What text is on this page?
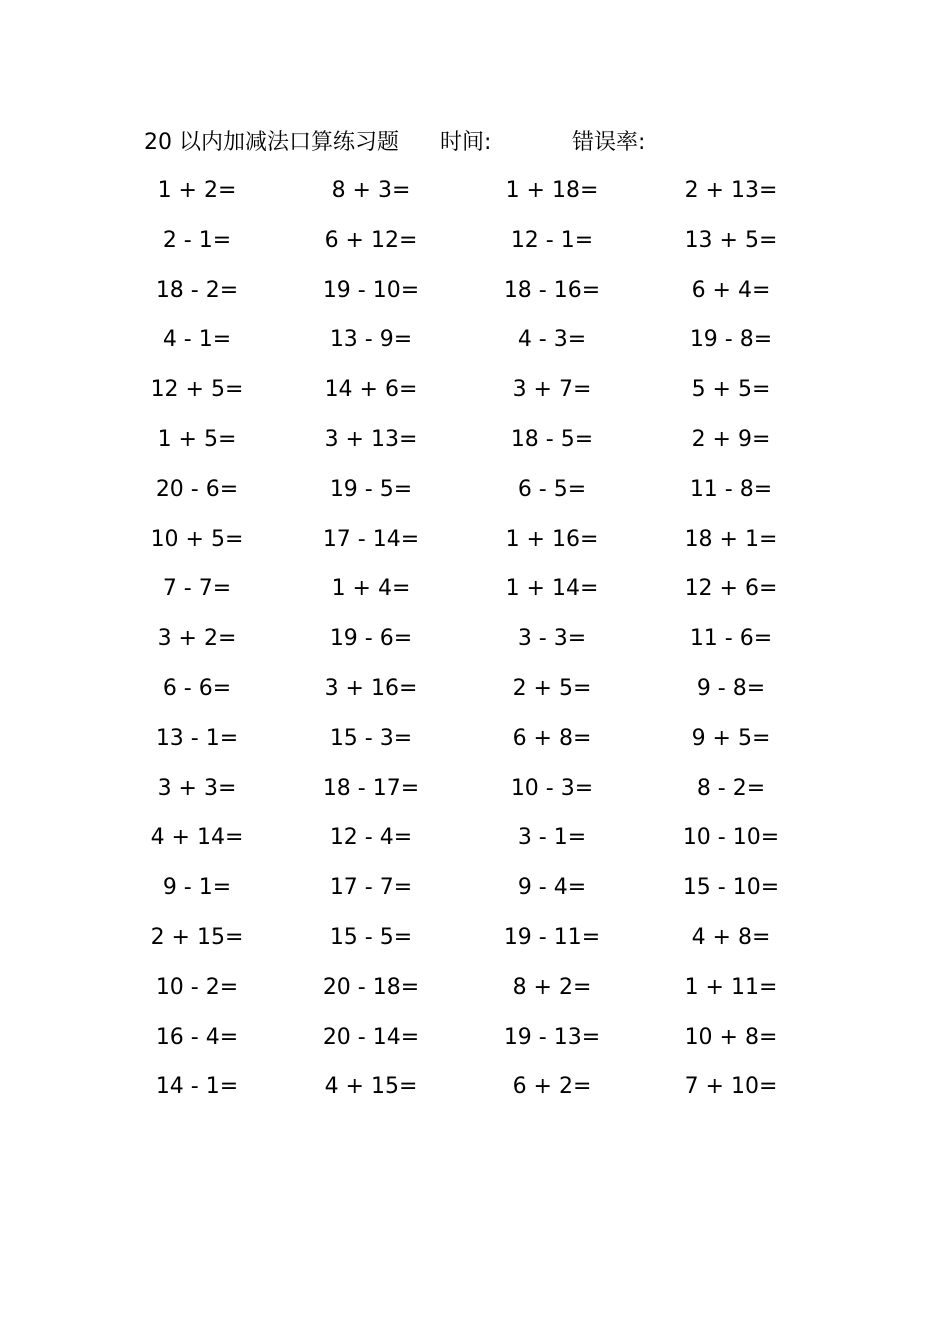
20 以内加减法口算练习题 时间:	错误率:
1 + 2=	8 + 3=	1 + 18=	2 + 13=
2 - 1=	6 + 12=	12 - 1=	13 + 5=
18 - 2=	19 - 10=	18 - 16=	6 + 4=
4 - 1=	13 - 9=	4 - 3=	19 - 8=
12 + 5=	14 + 6=	3 + 7=	5 + 5=
1 + 5=	3 + 13=	18 - 5=	2 + 9=
20 - 6=	19 - 5=	6 - 5=	11 - 8=
10 + 5=	17 - 14=	1 + 16=	18 + 1=
7 - 7=	1 + 4=	1 + 14=	12 + 6=
3 + 2=	19 - 6=	3 - 3=	11 - 6=
6 - 6=	3 + 16=	2 + 5=	9 - 8=
13 - 1=	15 - 3=	6 + 8=	9 + 5=
3 + 3=	18 - 17=	10 - 3=	8 - 2=
4 + 14=	12 - 4=	3 - 1=	10 - 10=
9 - 1=	17 - 7=	9 - 4=	15 - 10=
2 + 15=	15 - 5=	19 - 11=	4 + 8=
10 - 2=	20 - 18=	8 + 2=	1 + 11=
16 - 4=	20 - 14=	19 - 13=	10 + 8=
14 - 1=	4 + 15=	6 + 2=	7 + 10=
